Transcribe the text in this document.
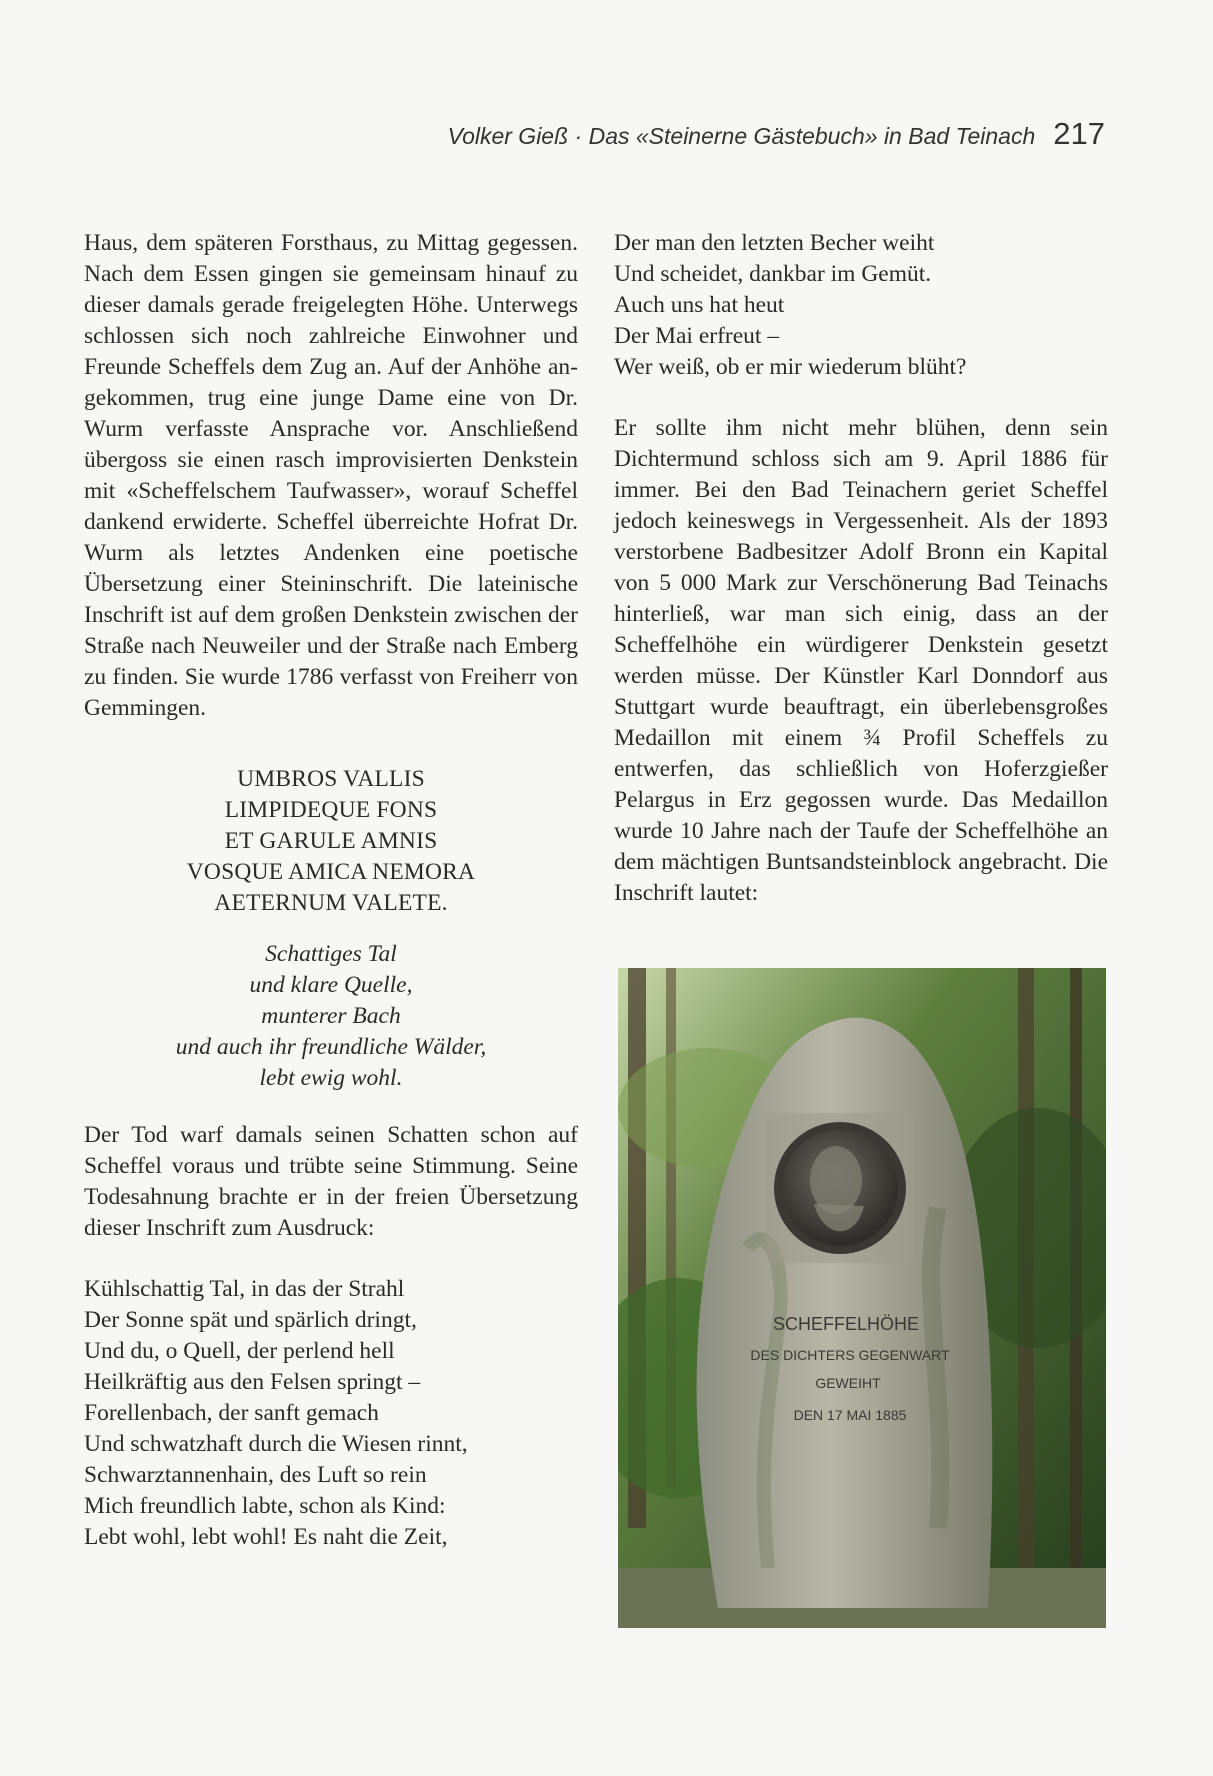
Volker Gieß · Das «Steinerne Gästebuch» in Bad Teinach 217

Haus, dem späteren Forsthaus, zu Mittag gegessen. Nach dem Essen gingen sie gemeinsam hinauf zu dieser damals gerade freigelegten Höhe. Unterwegs schlossen sich noch zahlreiche Einwohner und Freunde Scheffels dem Zug an. Auf der Anhöhe angekommen, trug eine junge Dame eine von Dr. Wurm verfasste Ansprache vor. Anschließend übergoss sie einen rasch improvisierten Denkstein mit «Scheffelschem Taufwasser», worauf Scheffel dankend erwiderte. Scheffel überreichte Hofrat Dr. Wurm als letztes Andenken eine poetische Übersetzung einer Steininschrift. Die lateinische Inschrift ist auf dem großen Denkstein zwischen der Straße nach Neuweiler und der Straße nach Emberg zu finden. Sie wurde 1786 verfasst von Freiherr von Gemmingen.

UMBROS VALLIS
LIMPIDEQUE FONS
ET GARULE AMNIS
VOSQUE AMICA NEMORA
AETERNUM VALETE.
Schattiges Tal
und klare Quelle,
munterer Bach
und auch ihr freundliche Wälder,
lebt ewig wohl.

Der Tod warf damals seinen Schatten schon auf Scheffel voraus und trübte seine Stimmung. Seine Todesahnung brachte er in der freien Übersetzung dieser Inschrift zum Ausdruck:

Kühlschattig Tal, in das der Strahl
Der Sonne spät und spärlich dringt,
Und du, o Quell, der perlend hell
Heilkräftig aus den Felsen springt –
Forellenbach, der sanft gemach
Und schwatzhaft durch die Wiesen rinnt,
Schwarztannenhain, des Luft so rein
Mich freundlich labte, schon als Kind:
Lebt wohl, lebt wohl! Es naht die Zeit,
Der man den letzten Becher weiht
Und scheidet, dankbar im Gemüt.
Auch uns hat heut
Der Mai erfreut –
Wer weiß, ob er mir wiederum blüht?

Er sollte ihm nicht mehr blühen, denn sein Dichtermund schloss sich am 9. April 1886 für immer. Bei den Bad Teinachern geriet Scheffel jedoch keineswegs in Vergessenheit. Als der 1893 verstorbene Badbesitzer Adolf Bronn ein Kapital von 5 000 Mark zur Verschönerung Bad Teinachs hinterließ, war man sich einig, dass an der Scheffelhöhe ein würdigerer Denkstein gesetzt werden müsse. Der Künstler Karl Donndorf aus Stuttgart wurde beauftragt, ein überlebensgroßes Medaillon mit einem ¾ Profil Scheffels zu entwerfen, das schließlich von Hoferzgießer Pelargus in Erz gegossen wurde. Das Medaillon wurde 10 Jahre nach der Taufe der Scheffelhöhe an dem mächtigen Buntsandsteinblock angebracht. Die Inschrift lautet:

SCHEFFELHÖHE
DES DICHTERS GEGENWART
GEWEIHT
DEN 17 MAI 1885
